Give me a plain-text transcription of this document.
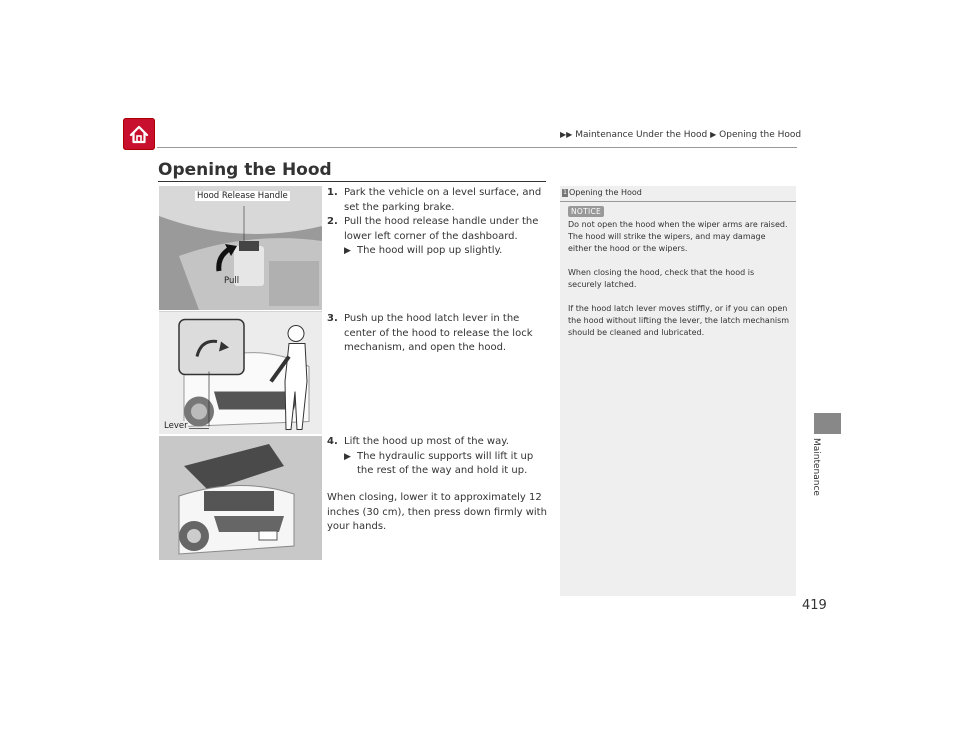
▶▶ Maintenance Under the Hood ▶ Opening the Hood
Opening the Hood
Hood Release Handle
Pull
Lever
1. Park the vehicle on a level surface, and set the parking brake.
2. Pull the hood release handle under the lower left corner of the dashboard.
▶ The hood will pop up slightly.
3. Push up the hood latch lever in the center of the hood to release the lock mechanism, and open the hood.
4. Lift the hood up most of the way.
▶ The hydraulic supports will lift it up the rest of the way and hold it up.
When closing, lower it to approximately 12 inches (30 cm), then press down firmly with your hands.
1 Opening the Hood
NOTICE

Do not open the hood when the wiper arms are raised.
The hood will strike the wipers, and may damage either the hood or the wipers.

When closing the hood, check that the hood is securely latched.

If the hood latch lever moves stiffly, or if you can open the hood without lifting the lever, the latch mechanism should be cleaned and lubricated.

Maintenance
419
